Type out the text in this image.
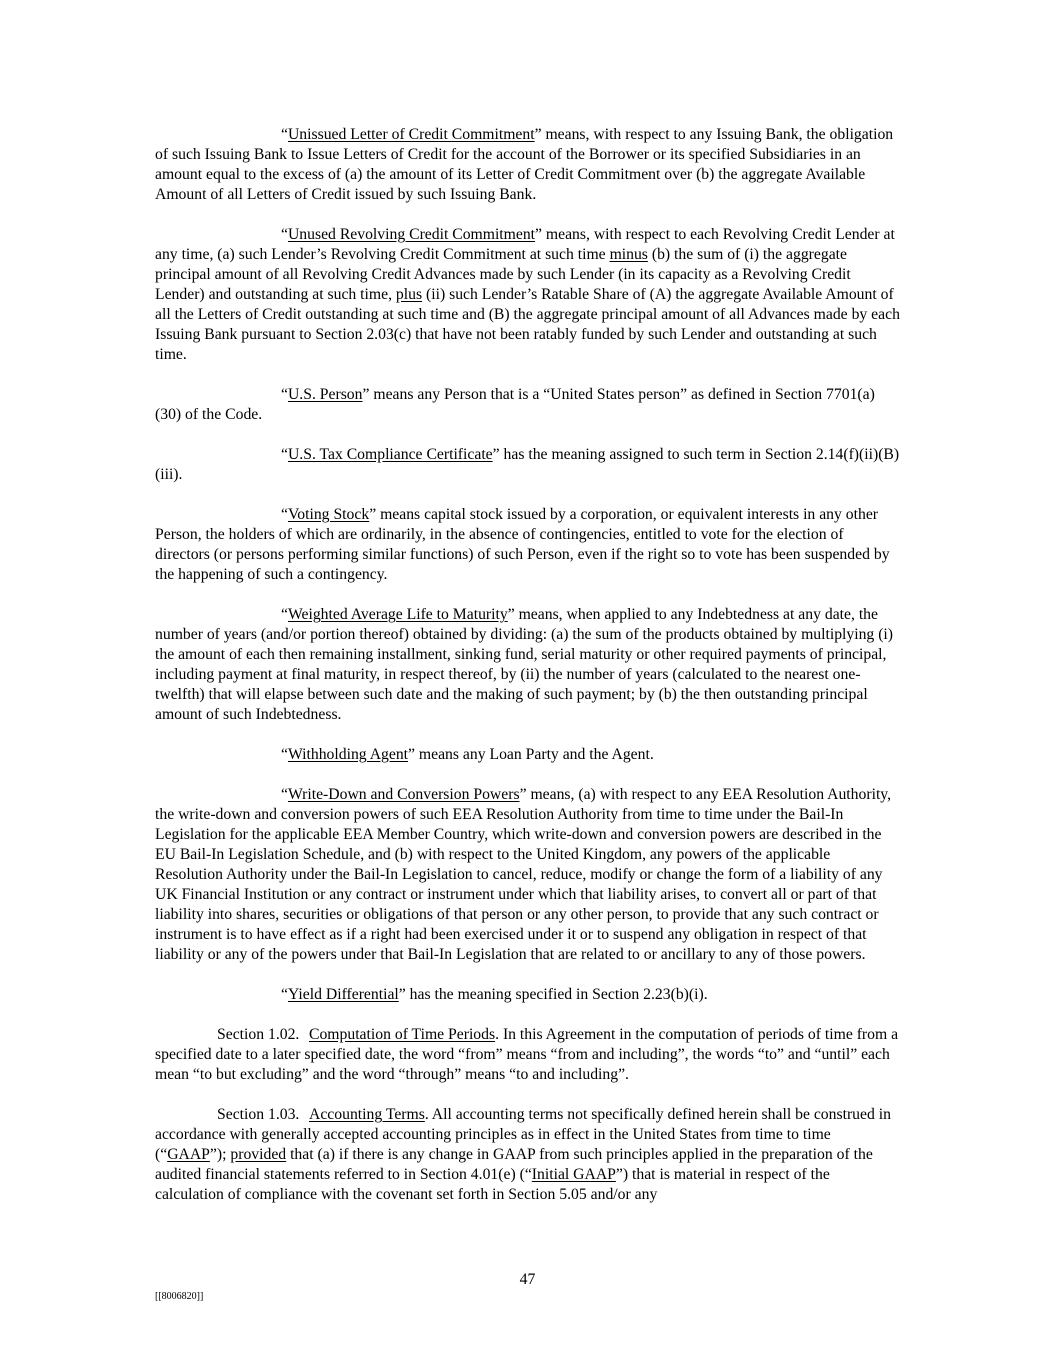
“Unissued Letter of Credit Commitment” means, with respect to any Issuing Bank, the obligation of such Issuing Bank to Issue Letters of Credit for the account of the Borrower or its specified Subsidiaries in an amount equal to the excess of (a) the amount of its Letter of Credit Commitment over (b) the aggregate Available Amount of all Letters of Credit issued by such Issuing Bank.

“Unused Revolving Credit Commitment” means, with respect to each Revolving Credit Lender at any time, (a) such Lender’s Revolving Credit Commitment at such time minus (b) the sum of (i) the aggregate principal amount of all Revolving Credit Advances made by such Lender (in its capacity as a Revolving Credit Lender) and outstanding at such time, plus (ii) such Lender’s Ratable Share of (A) the aggregate Available Amount of all the Letters of Credit outstanding at such time and (B) the aggregate principal amount of all Advances made by each Issuing Bank pursuant to Section 2.03(c) that have not been ratably funded by such Lender and outstanding at such time.

“U.S. Person” means any Person that is a “United States person” as defined in Section 7701(a)(30) of the Code.

“U.S. Tax Compliance Certificate” has the meaning assigned to such term in Section 2.14(f)(ii)(B)(iii).

“Voting Stock” means capital stock issued by a corporation, or equivalent interests in any other Person, the holders of which are ordinarily, in the absence of contingencies, entitled to vote for the election of directors (or persons performing similar functions) of such Person, even if the right so to vote has been suspended by the happening of such a contingency.

“Weighted Average Life to Maturity” means, when applied to any Indebtedness at any date, the number of years (and/or portion thereof) obtained by dividing: (a) the sum of the products obtained by multiplying (i) the amount of each then remaining installment, sinking fund, serial maturity or other required payments of principal, including payment at final maturity, in respect thereof, by (ii) the number of years (calculated to the nearest one-twelfth) that will elapse between such date and the making of such payment; by (b) the then outstanding principal amount of such Indebtedness.

“Withholding Agent” means any Loan Party and the Agent.

“Write-Down and Conversion Powers” means, (a) with respect to any EEA Resolution Authority, the write-down and conversion powers of such EEA Resolution Authority from time to time under the Bail-In Legislation for the applicable EEA Member Country, which write-down and conversion powers are described in the EU Bail-In Legislation Schedule, and (b) with respect to the United Kingdom, any powers of the applicable Resolution Authority under the Bail-In Legislation to cancel, reduce, modify or change the form of a liability of any UK Financial Institution or any contract or instrument under which that liability arises, to convert all or part of that liability into shares, securities or obligations of that person or any other person, to provide that any such contract or instrument is to have effect as if a right had been exercised under it or to suspend any obligation in respect of that liability or any of the powers under that Bail-In Legislation that are related to or ancillary to any of those powers.

“Yield Differential” has the meaning specified in Section 2.23(b)(i).

Section 1.02. Computation of Time Periods. In this Agreement in the computation of periods of time from a specified date to a later specified date, the word “from” means “from and including”, the words “to” and “until” each mean “to but excluding” and the word “through” means “to and including”.

Section 1.03. Accounting Terms. All accounting terms not specifically defined herein shall be construed in accordance with generally accepted accounting principles as in effect in the United States from time to time (“GAAP”); provided that (a) if there is any change in GAAP from such principles applied in the preparation of the audited financial statements referred to in Section 4.01(e) (“Initial GAAP”) that is material in respect of the calculation of compliance with the covenant set forth in Section 5.05 and/or any

47
[[8006820]]
